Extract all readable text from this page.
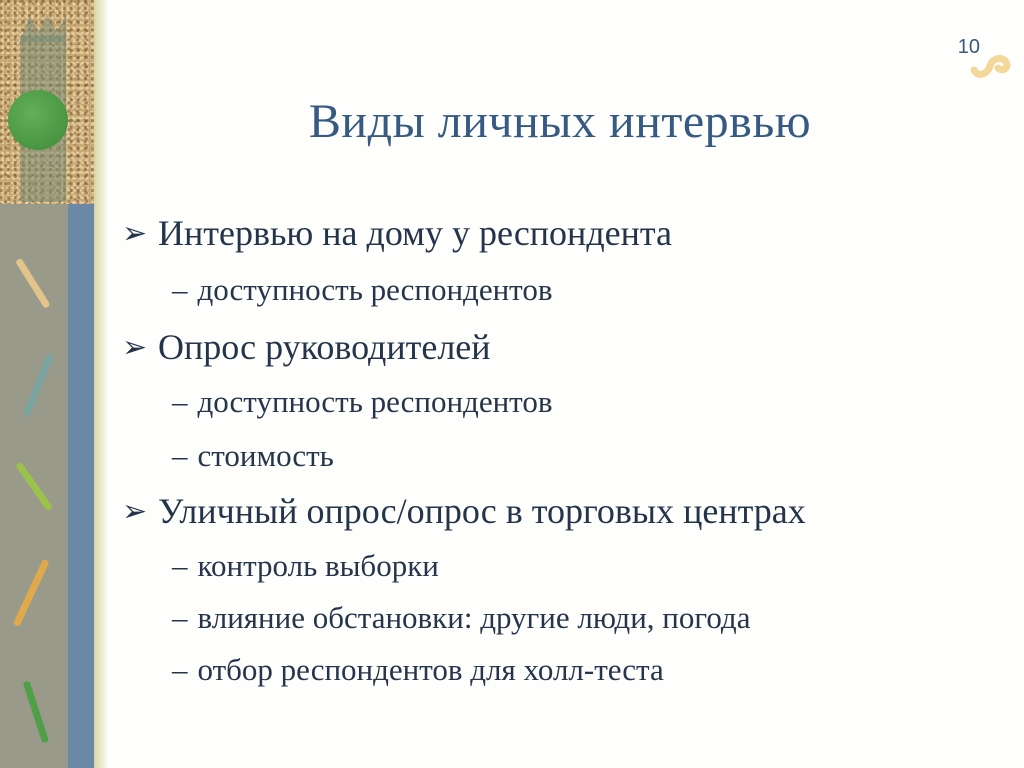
10
Виды личных интервью
➢ Интервью на дому у респондента
– доступность респондентов
➢ Опрос руководителей
– доступность респондентов
– стоимость
➢ Уличный опрос/опрос в торговых центрах
– контроль выборки
– влияние обстановки: другие люди, погода
– отбор респондентов для холл-теста
